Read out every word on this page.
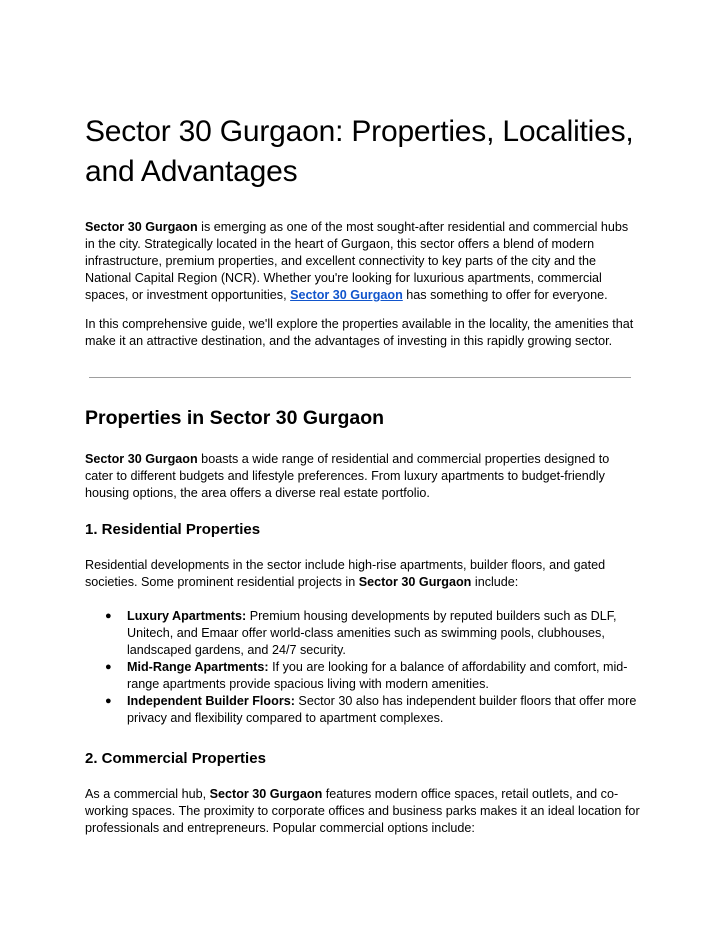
Sector 30 Gurgaon: Properties, Localities, and Advantages

Sector 30 Gurgaon is emerging as one of the most sought-after residential and commercial hubs in the city. Strategically located in the heart of Gurgaon, this sector offers a blend of modern infrastructure, premium properties, and excellent connectivity to key parts of the city and the National Capital Region (NCR). Whether you're looking for luxurious apartments, commercial spaces, or investment opportunities, Sector 30 Gurgaon has something to offer for everyone.

In this comprehensive guide, we'll explore the properties available in the locality, the amenities that make it an attractive destination, and the advantages of investing in this rapidly growing sector.

Properties in Sector 30 Gurgaon

Sector 30 Gurgaon boasts a wide range of residential and commercial properties designed to cater to different budgets and lifestyle preferences. From luxury apartments to budget-friendly housing options, the area offers a diverse real estate portfolio.

1. Residential Properties

Residential developments in the sector include high-rise apartments, builder floors, and gated societies. Some prominent residential projects in Sector 30 Gurgaon include:

● Luxury Apartments: Premium housing developments by reputed builders such as DLF, Unitech, and Emaar offer world-class amenities such as swimming pools, clubhouses, landscaped gardens, and 24/7 security.
● Mid-Range Apartments: If you are looking for a balance of affordability and comfort, mid-range apartments provide spacious living with modern amenities.
● Independent Builder Floors: Sector 30 also has independent builder floors that offer more privacy and flexibility compared to apartment complexes.
2. Commercial Properties

As a commercial hub, Sector 30 Gurgaon features modern office spaces, retail outlets, and co-working spaces. The proximity to corporate offices and business parks makes it an ideal location for professionals and entrepreneurs. Popular commercial options include:
